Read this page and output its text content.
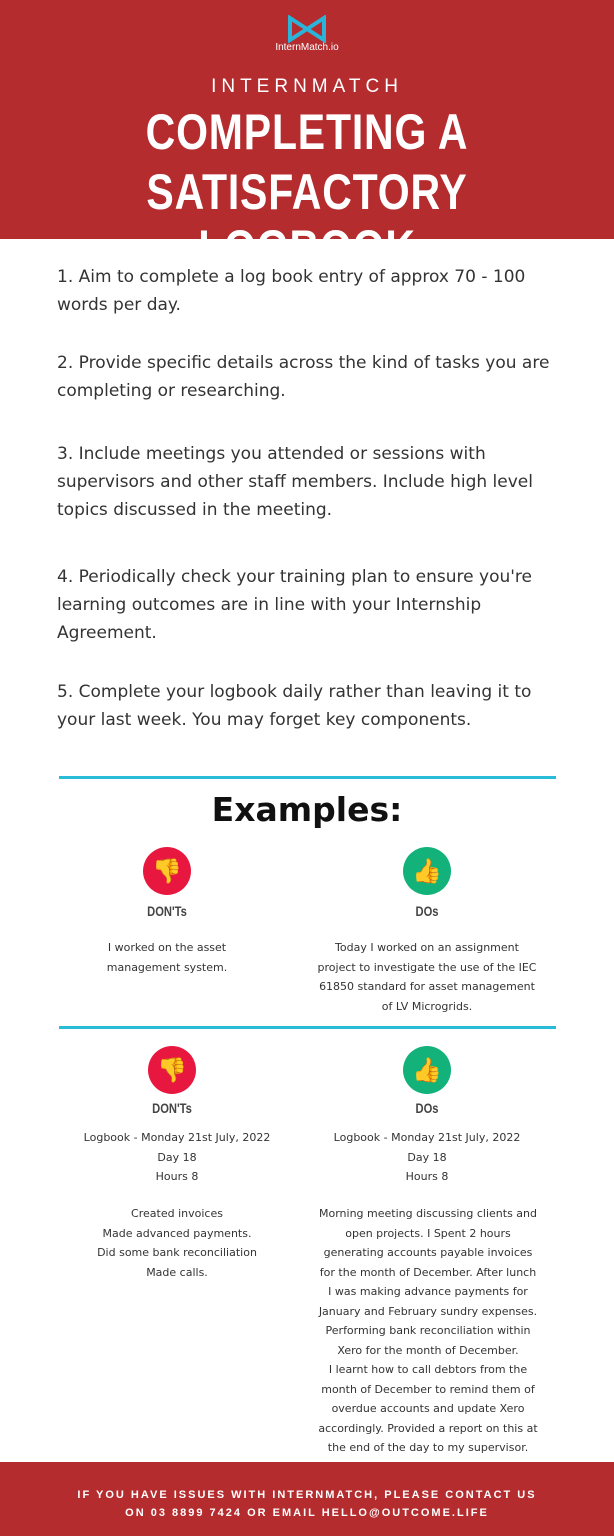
InternMatch.io
INTERNMATCH
COMPLETING A
SATISFACTORY LOGBOOK
1. Aim to complete a log book entry of approx 70 - 100 words per day.
2. Provide specific details across the kind of tasks you are completing or researching.
3. Include meetings you attended or sessions with supervisors and other staff members. Include high level topics discussed in the meeting.
4. Periodically check your training plan to ensure you're learning outcomes are in line with your Internship Agreement.
5. Complete your logbook daily rather than leaving it to your last week. You may forget key components.
Examples:
👎
DON'Ts
I worked on the asset management system.
👍
DOs
Today I worked on an assignment project to investigate the use of the IEC 61850 standard for asset management of LV Microgrids.
👎
DON'Ts
Logbook - Monday 21st July, 2022
Day 18
Hours 8
Created invoices
Made advanced payments.
Did some bank reconciliation
Made calls.
👍
DOs
Logbook - Monday 21st July, 2022
Day 18
Hours 8
Morning meeting discussing clients and open projects. I Spent 2 hours generating accounts payable invoices for the month of December. After lunch I was making advance payments for January and February sundry expenses. Performing bank reconciliation within Xero for the month of December.
I learnt how to call debtors from the month of December to remind them of overdue accounts and update Xero accordingly. Provided a report on this at the end of the day to my supervisor.
IF YOU HAVE ISSUES WITH INTERNMATCH, PLEASE CONTACT US
ON 03 8899 7424 OR EMAIL HELLO@OUTCOME.LIFE
